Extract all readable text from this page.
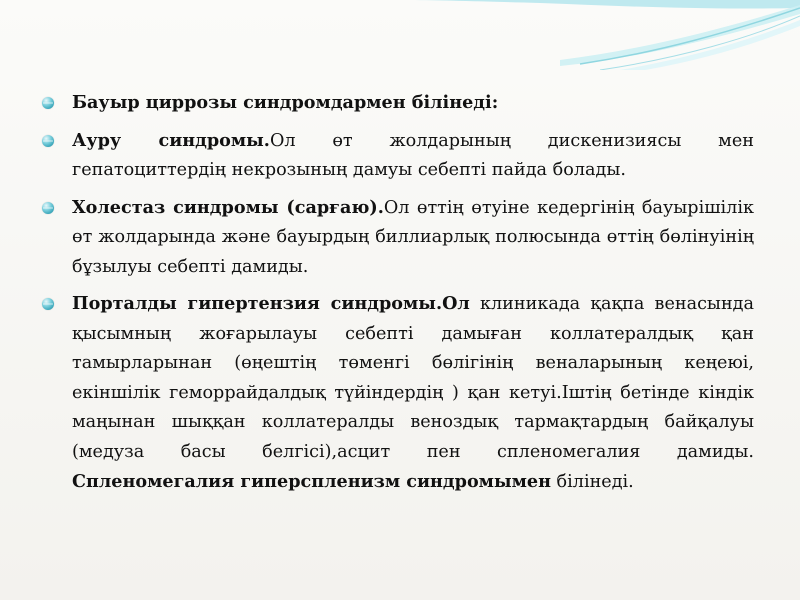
Бауыр циррозы синдромдармен білінеді:
Ауру синдромы.Ол өт жолдарының дискенизиясы мен гепатоциттердің некрозының дамуы себепті пайда болады.
Холестаз синдромы (сарғаю).Ол өттің өтуіне кедергінің бауырішілік өт жолдарында және бауырдың биллиарлық полюсында өттің бөлінуінің бұзылуы себепті дамиды.
Порталды гипертензия синдромы.Ол клиникада қақпа венасында қысымның жоғарылауы себепті дамыған коллатералдық қан тамырларынан (өңештің төменгі бөлігінің веналарының кеңеюі, екіншілік геморрайдалдық түйіндердің ) қан кетуі.Іштің бетінде кіндік маңынан шыққан коллатералды веноздық тармақтардың байқалуы (медуза басы белгісі),асцит пен спленомегалия дамиды. Спленомегалия гиперспленизм синдромымен білінеді.
